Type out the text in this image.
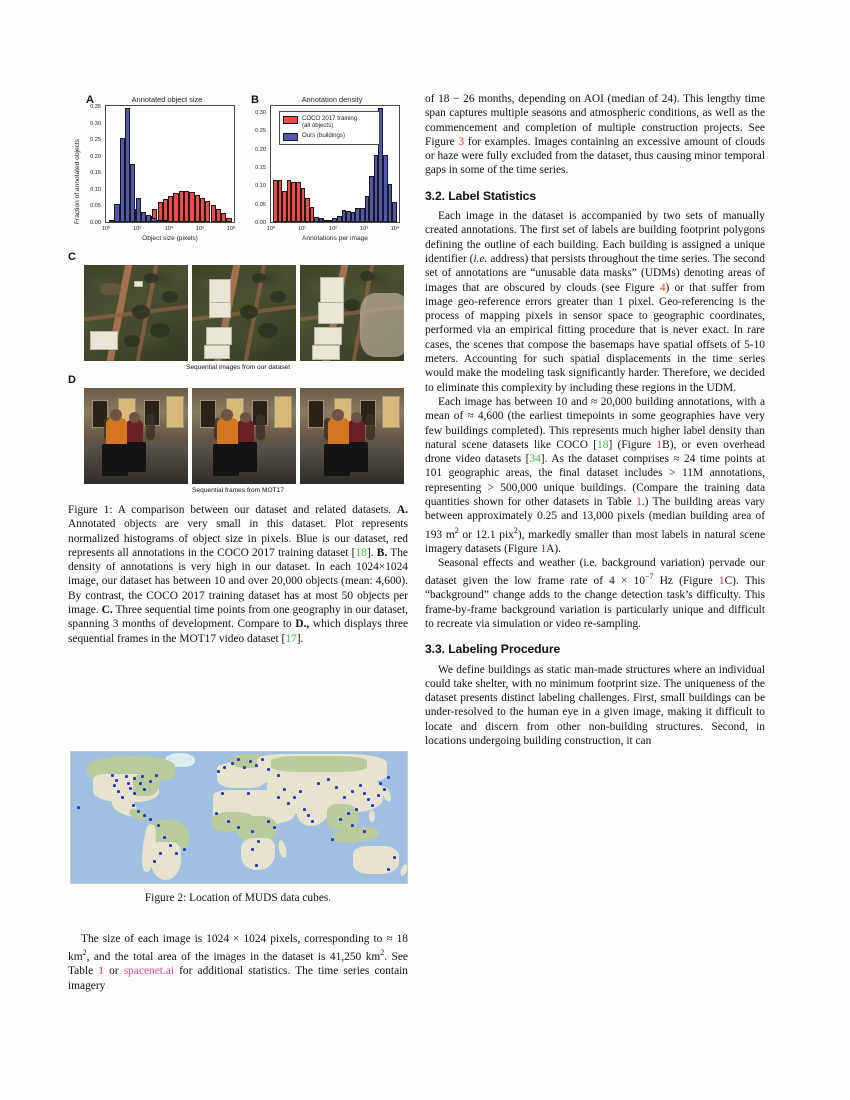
A	Annotated object size
Fraction of annotated objects
0.35
0.30
0.25
0.20
0.15
0.10
0.05
0.00
10⁰	10²	10⁴	10⁶	10⁸
Object size (pixels)
B	Annotation density
0.30
0.25
0.20
0.15
0.10
0.05
0.00
COCO 2017 training
(all objects)
Ours (buildings)
10⁰	10¹	10²	10³	10⁴
Annotations per image
C
Sequential images from our dataset
D
Sequential frames from MOT17
Figure 1: A comparison between our dataset and related datasets. A. Annotated objects are very small in this dataset. Plot represents normalized histograms of object size in pixels. Blue is our dataset, red represents all annotations in the COCO 2017 training dataset [18]. B. The density of annotations is very high in our dataset. In each 1024×1024 image, our dataset has between 10 and over 20,000 objects (mean: 4,600). By contrast, the COCO 2017 training dataset has at most 50 objects per image. C. Three sequential time points from one geography in our dataset, spanning 3 months of development. Compare to D., which displays three sequential frames in the MOT17 video dataset [17].
Figure 2: Location of MUDS data cubes.

The size of each image is 1024 × 1024 pixels, corresponding to ≈ 18 $km^2$, and the total area of the images in the dataset is 41,250 $km^2$. See Table 1 or spacenet.ai for additional statistics. The time series contain imagery

of 18 − 26 months, depending on AOI (median of 24). This lengthy time span captures multiple seasons and atmospheric conditions, as well as the commencement and completion of multiple construction projects. See Figure 3 for examples. Images containing an excessive amount of clouds or haze were fully excluded from the dataset, thus causing minor temporal gaps in some of the time series.

3.2. Label Statistics

Each image in the dataset is accompanied by two sets of manually created annotations. The first set of labels are building footprint polygons defining the outline of each building. Each building is assigned a unique identifier (i.e. address) that persists throughout the time series. The second set of annotations are “unusable data masks” (UDMs) denoting areas of images that are obscured by clouds (see Figure 4) or that suffer from image geo-reference errors greater than 1 pixel. Geo-referencing is the process of mapping pixels in sensor space to geographic coordinates, performed via an empirical fitting procedure that is never exact. In rare cases, the scenes that compose the basemaps have spatial offsets of 5-10 meters. Accounting for such spatial displacements in the time series would make the modeling task significantly harder. Therefore, we decided to eliminate this complexity by including these regions in the UDM.

Each image has between 10 and ≈ 20,000 building annotations, with a mean of ≈ 4,600 (the earliest timepoints in some geographies have very few buildings completed). This represents much higher label density than natural scene datasets like COCO [18] (Figure 1B), or even overhead drone video datasets [34]. As the dataset comprises ≈ 24 time points at 101 geographic areas, the final dataset includes > 11M annotations, representing > 500,000 unique buildings. (Compare the training data quantities shown for other datasets in Table 1.) The building areas vary between approximately 0.25 and 13,000 pixels (median building area of 193 $m^2$ or 12.1 pix$^2$), markedly smaller than most labels in natural scene imagery datasets (Figure 1A).

Seasonal effects and weather (i.e. background variation) pervade our dataset given the low frame rate of $4 \times 10^{-7}$ Hz (Figure 1C). This “background” change adds to the change detection task’s difficulty. This frame-by-frame background variation is particularly unique and difficult to recreate via simulation or video re-sampling.

3.3. Labeling Procedure

We define buildings as static man-made structures where an individual could take shelter, with no minimum footprint size. The uniqueness of the dataset presents distinct labeling challenges. First, small buildings can be under-resolved to the human eye in a given image, making it difficult to locate and discern from other non-building structures. Second, in locations undergoing building construction, it can
